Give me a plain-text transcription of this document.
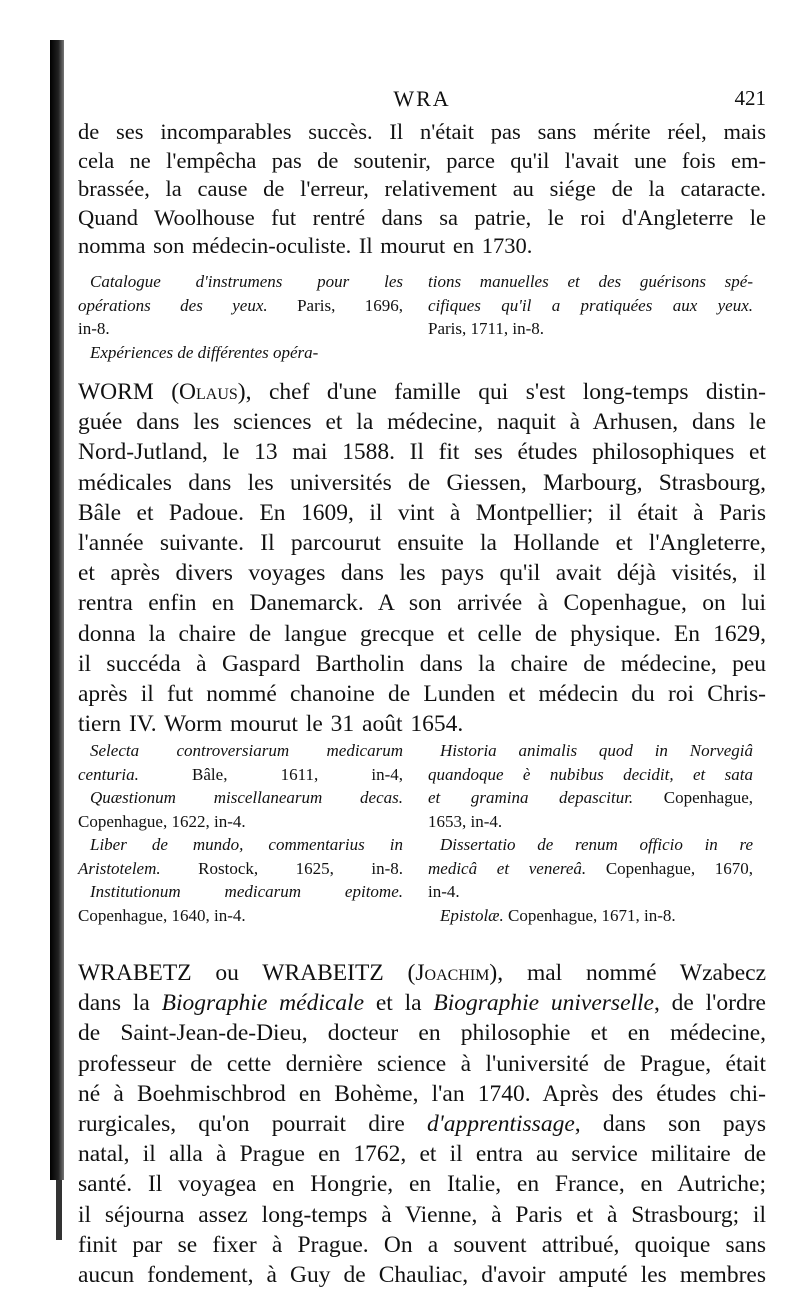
WRA	421
de ses incomparables succès. Il n'était pas sans mérite réel, mais
cela ne l'empêcha pas de soutenir, parce qu'il l'avait une fois em-
brassée, la cause de l'erreur, relativement au siége de la cataracte.
Quand Woolhouse fut rentré dans sa patrie, le roi d'Angleterre le
nomma son médecin-oculiste. Il mourut en 1730.
Catalogue d'instrumens pour les
opérations des yeux. Paris, 1696,
in-8.
Expériences de différentes opéra-
tions manuelles et des guérisons spé-
cifiques qu'il a pratiquées aux yeux.
Paris, 1711, in-8.
WORM (Olaus), chef d'une famille qui s'est long-temps distin-
guée dans les sciences et la médecine, naquit à Arhusen, dans le
Nord-Jutland, le 13 mai 1588. Il fit ses études philosophiques et
médicales dans les universités de Giessen, Marbourg, Strasbourg,
Bâle et Padoue. En 1609, il vint à Montpellier; il était à Paris
l'année suivante. Il parcourut ensuite la Hollande et l'Angleterre,
et après divers voyages dans les pays qu'il avait déjà visités, il
rentra enfin en Danemarck. A son arrivée à Copenhague, on lui
donna la chaire de langue grecque et celle de physique. En 1629,
il succéda à Gaspard Bartholin dans la chaire de médecine, peu
après il fut nommé chanoine de Lunden et médecin du roi Chris-
tiern IV. Worm mourut le 31 août 1654.
Selecta controversiarum medicarum
centuria. Bâle, 1611, in-4,
Quæstionum miscellanearum decas.
Copenhague, 1622, in-4.
Liber de mundo, commentarius in
Aristotelem. Rostock, 1625, in-8.
Institutionum medicarum epitome.
Copenhague, 1640, in-4.
Historia animalis quod in Norvegiâ
quandoque è nubibus decidit, et sata
et gramina depascitur. Copenhague,
1653, in-4.
Dissertatio de renum officio in re
medicâ et venereâ. Copenhague, 1670,
in-4.
Epistolæ. Copenhague, 1671, in-8.
WRABETZ ou WRABEITZ (Joachim), mal nommé Wzabecz
dans la Biographie médicale et la Biographie universelle, de l'ordre
de Saint-Jean-de-Dieu, docteur en philosophie et en médecine,
professeur de cette dernière science à l'université de Prague, était
né à Boehmischbrod en Bohème, l'an 1740. Après des études chi-
rurgicales, qu'on pourrait dire d'apprentissage, dans son pays
natal, il alla à Prague en 1762, et il entra au service militaire de
santé. Il voyagea en Hongrie, en Italie, en France, en Autriche;
il séjourna assez long-temps à Vienne, à Paris et à Strasbourg; il
finit par se fixer à Prague. On a souvent attribué, quoique sans
aucun fondement, à Guy de Chauliac, d'avoir amputé les membres
